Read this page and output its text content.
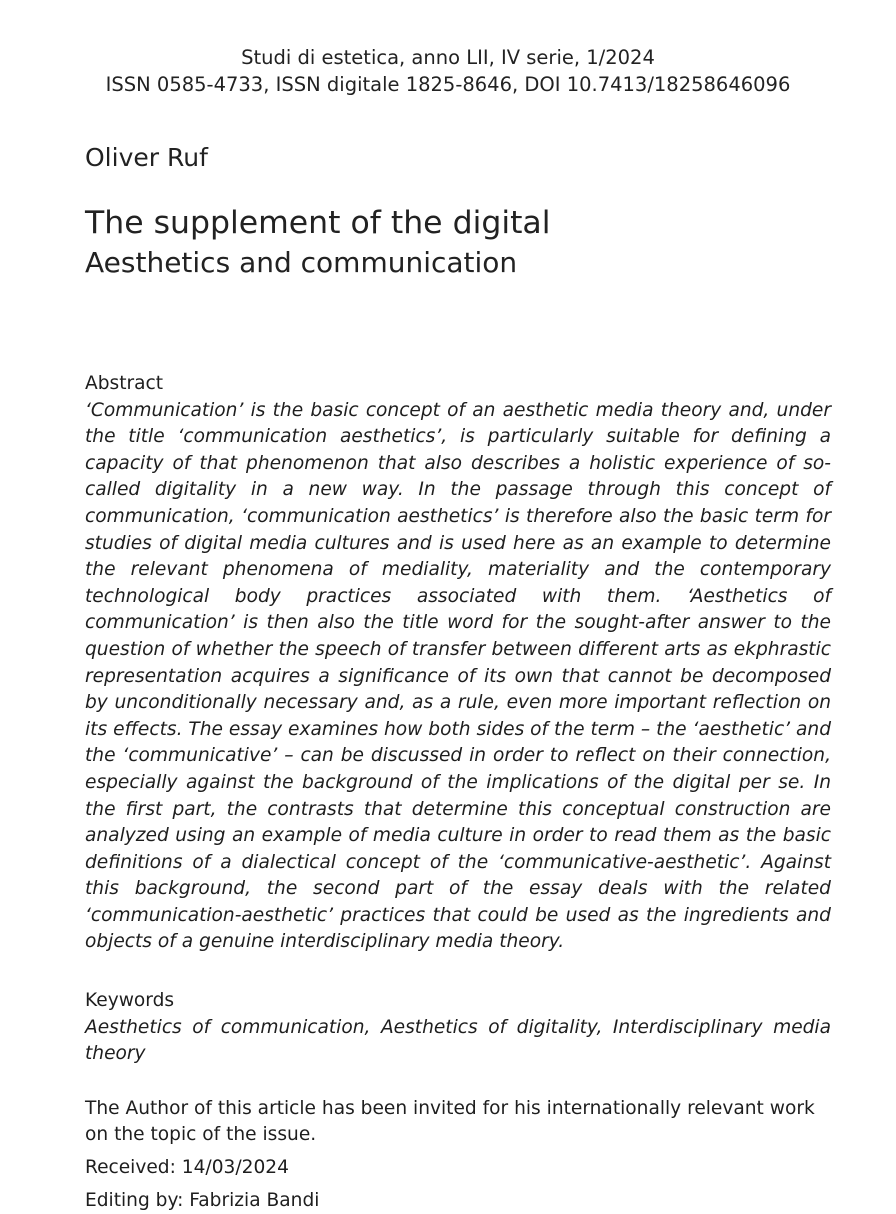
Studi di estetica, anno LII, IV serie, 1/2024
ISSN 0585-4733, ISSN digitale 1825-8646, DOI 10.7413/18258646096
Oliver Ruf
The supplement of the digital
Aesthetics and communication
Abstract

‘Communication’ is the basic concept of an aesthetic media theory and, under the title ‘communication aesthetics’, is particularly suitable for defining a capacity of that phenomenon that also describes a holistic experience of so-called digitality in a new way. In the passage through this concept of communication, ‘communication aesthetics’ is therefore also the basic term for studies of digital media cultures and is used here as an example to determine the relevant phenomena of mediality, materiality and the contemporary technological body practices associated with them. ‘Aesthetics of communication’ is then also the title word for the sought-after answer to the question of whether the speech of transfer between different arts as ekphrastic representation acquires a significance of its own that cannot be decomposed by unconditionally necessary and, as a rule, even more important reflection on its effects. The essay examines how both sides of the term – the ‘aesthetic’ and the ‘communicative’ – can be discussed in order to reflect on their connection, especially against the background of the implications of the digital per se. In the first part, the contrasts that determine this conceptual construction are analyzed using an example of media culture in order to read them as the basic definitions of a dialectical concept of the ‘communicative-aesthetic’. Against this background, the second part of the essay deals with the related ‘communication-aesthetic’ practices that could be used as the ingredients and objects of a genuine interdisciplinary media theory.

Keywords

Aesthetics of communication, Aesthetics of digitality, Interdisciplinary media theory

The Author of this article has been invited for his internationally relevant work on the topic of the issue.
Received: 14/03/2024
Editing by: Fabrizia Bandi
